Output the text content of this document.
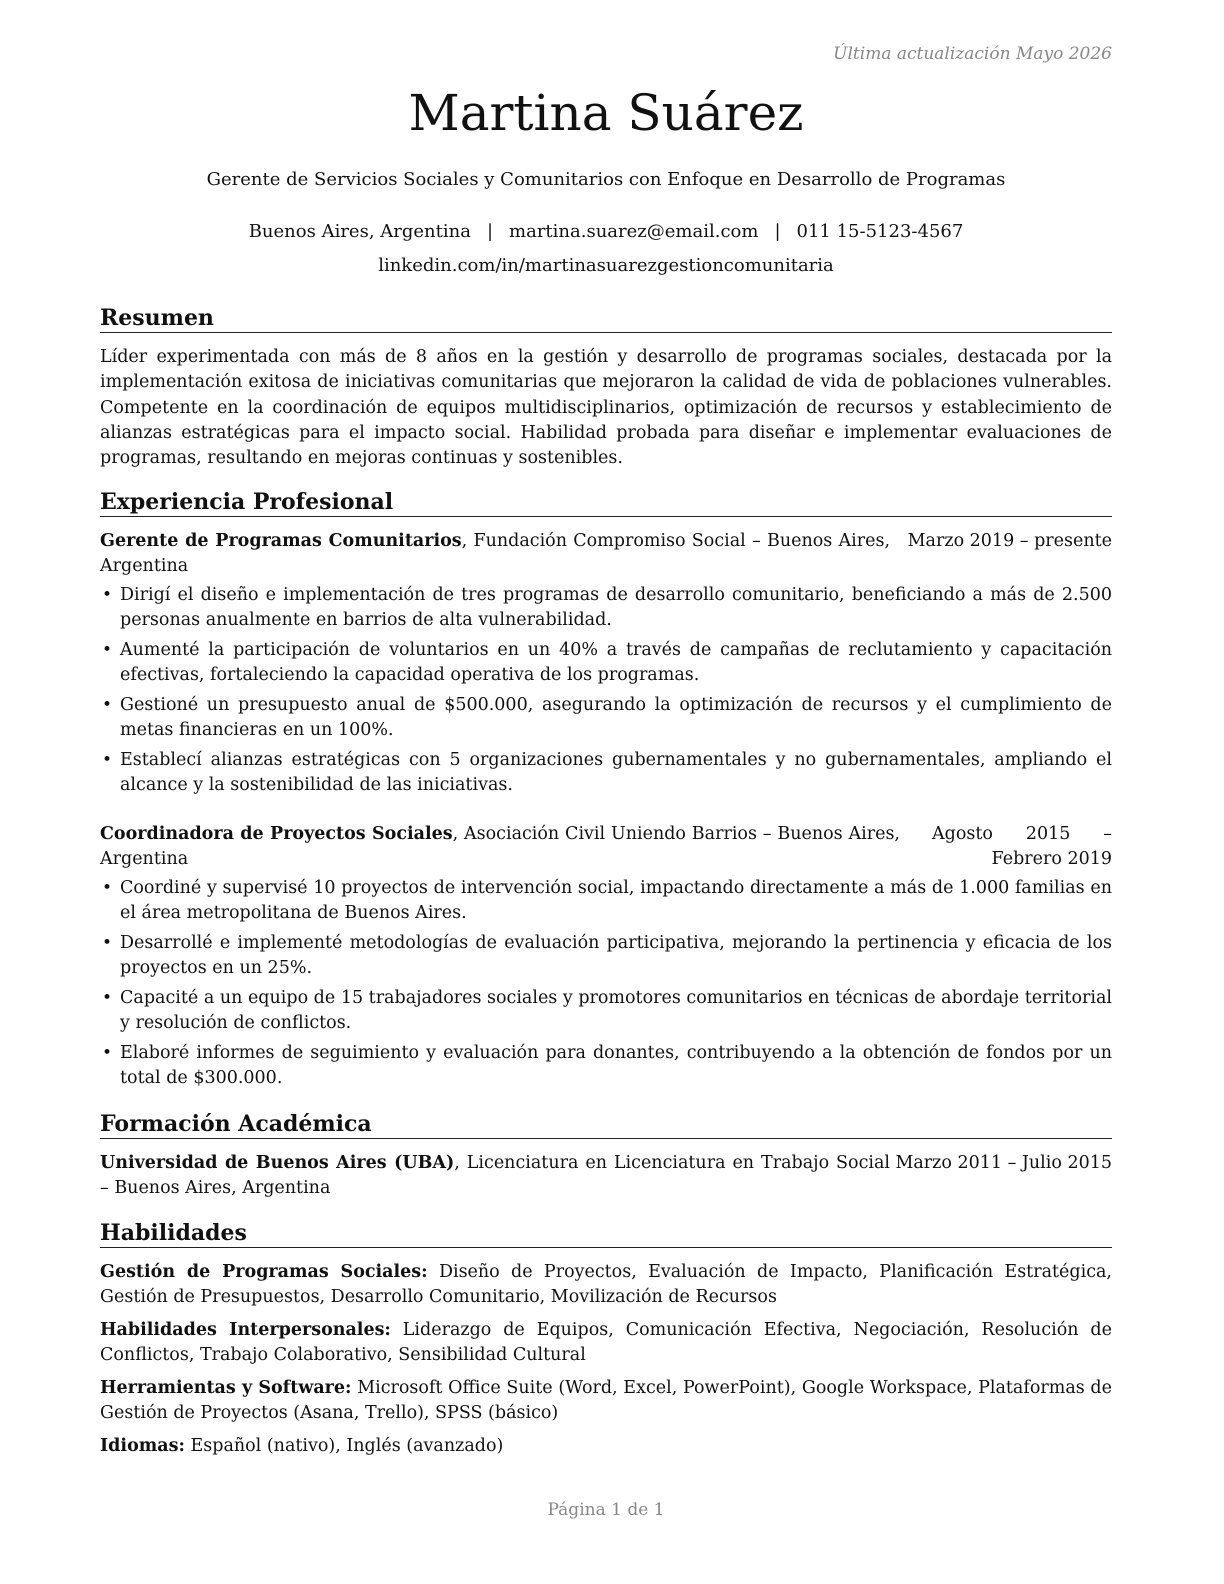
Última actualización Mayo 2026
Martina Suárez
Gerente de Servicios Sociales y Comunitarios con Enfoque en Desarrollo de Programas
Buenos Aires, Argentina | martina.suarez@email.com | 011 15-5123-4567
linkedin.com/in/martinasuarezgestioncomunitaria
Resumen

Líder experimentada con más de 8 años en la gestión y desarrollo de programas sociales, destacada por la implementación exitosa de iniciativas comunitarias que mejoraron la calidad de vida de poblaciones vulnerables. Competente en la coordinación de equipos multidisciplinarios, optimización de recursos y establecimiento de alianzas estratégicas para el impacto social. Habilidad probada para diseñar e implementar evaluaciones de programas, resultando en mejoras continuas y sostenibles.

Experiencia Profesional
Gerente de Programas Comunitarios, Fundación Compromiso Social – Buenos Aires, Argentina
Marzo 2019 – presente
• Dirigí el diseño e implementación de tres programas de desarrollo comunitario, beneficiando a más de 2.500 personas anualmente en barrios de alta vulnerabilidad.
• Aumenté la participación de voluntarios en un 40% a través de campañas de reclutamiento y capacitación efectivas, fortaleciendo la capacidad operativa de los programas.
• Gestioné un presupuesto anual de $500.000, asegurando la optimización de recursos y el cumplimiento de metas financieras en un 100%.
• Establecí alianzas estratégicas con 5 organizaciones gubernamentales y no gubernamentales, ampliando el alcance y la sostenibilidad de las iniciativas.
Coordinadora de Proyectos Sociales, Asociación Civil Uniendo Barrios – Buenos Aires, Argentina
Agosto 2015 – Febrero 2019
• Coordiné y supervisé 10 proyectos de intervención social, impactando directamente a más de 1.000 familias en el área metropolitana de Buenos Aires.
• Desarrollé e implementé metodologías de evaluación participativa, mejorando la pertinencia y eficacia de los proyectos en un 25%.
• Capacité a un equipo de 15 trabajadores sociales y promotores comunitarios en técnicas de abordaje territorial y resolución de conflictos.
• Elaboré informes de seguimiento y evaluación para donantes, contribuyendo a la obtención de fondos por un total de $300.000.
Formación Académica
Universidad de Buenos Aires (UBA), Licenciatura en Licenciatura en Trabajo Social – Buenos Aires, Argentina
Marzo 2011 – Julio 2015
Habilidades

Gestión de Programas Sociales: Diseño de Proyectos, Evaluación de Impacto, Planificación Estratégica, Gestión de Presupuestos, Desarrollo Comunitario, Movilización de Recursos

Habilidades Interpersonales: Liderazgo de Equipos, Comunicación Efectiva, Negociación, Resolución de Conflictos, Trabajo Colaborativo, Sensibilidad Cultural

Herramientas y Software: Microsoft Office Suite (Word, Excel, PowerPoint), Google Workspace, Plataformas de Gestión de Proyectos (Asana, Trello), SPSS (básico)

Idiomas: Español (nativo), Inglés (avanzado)

Página 1 de 1
